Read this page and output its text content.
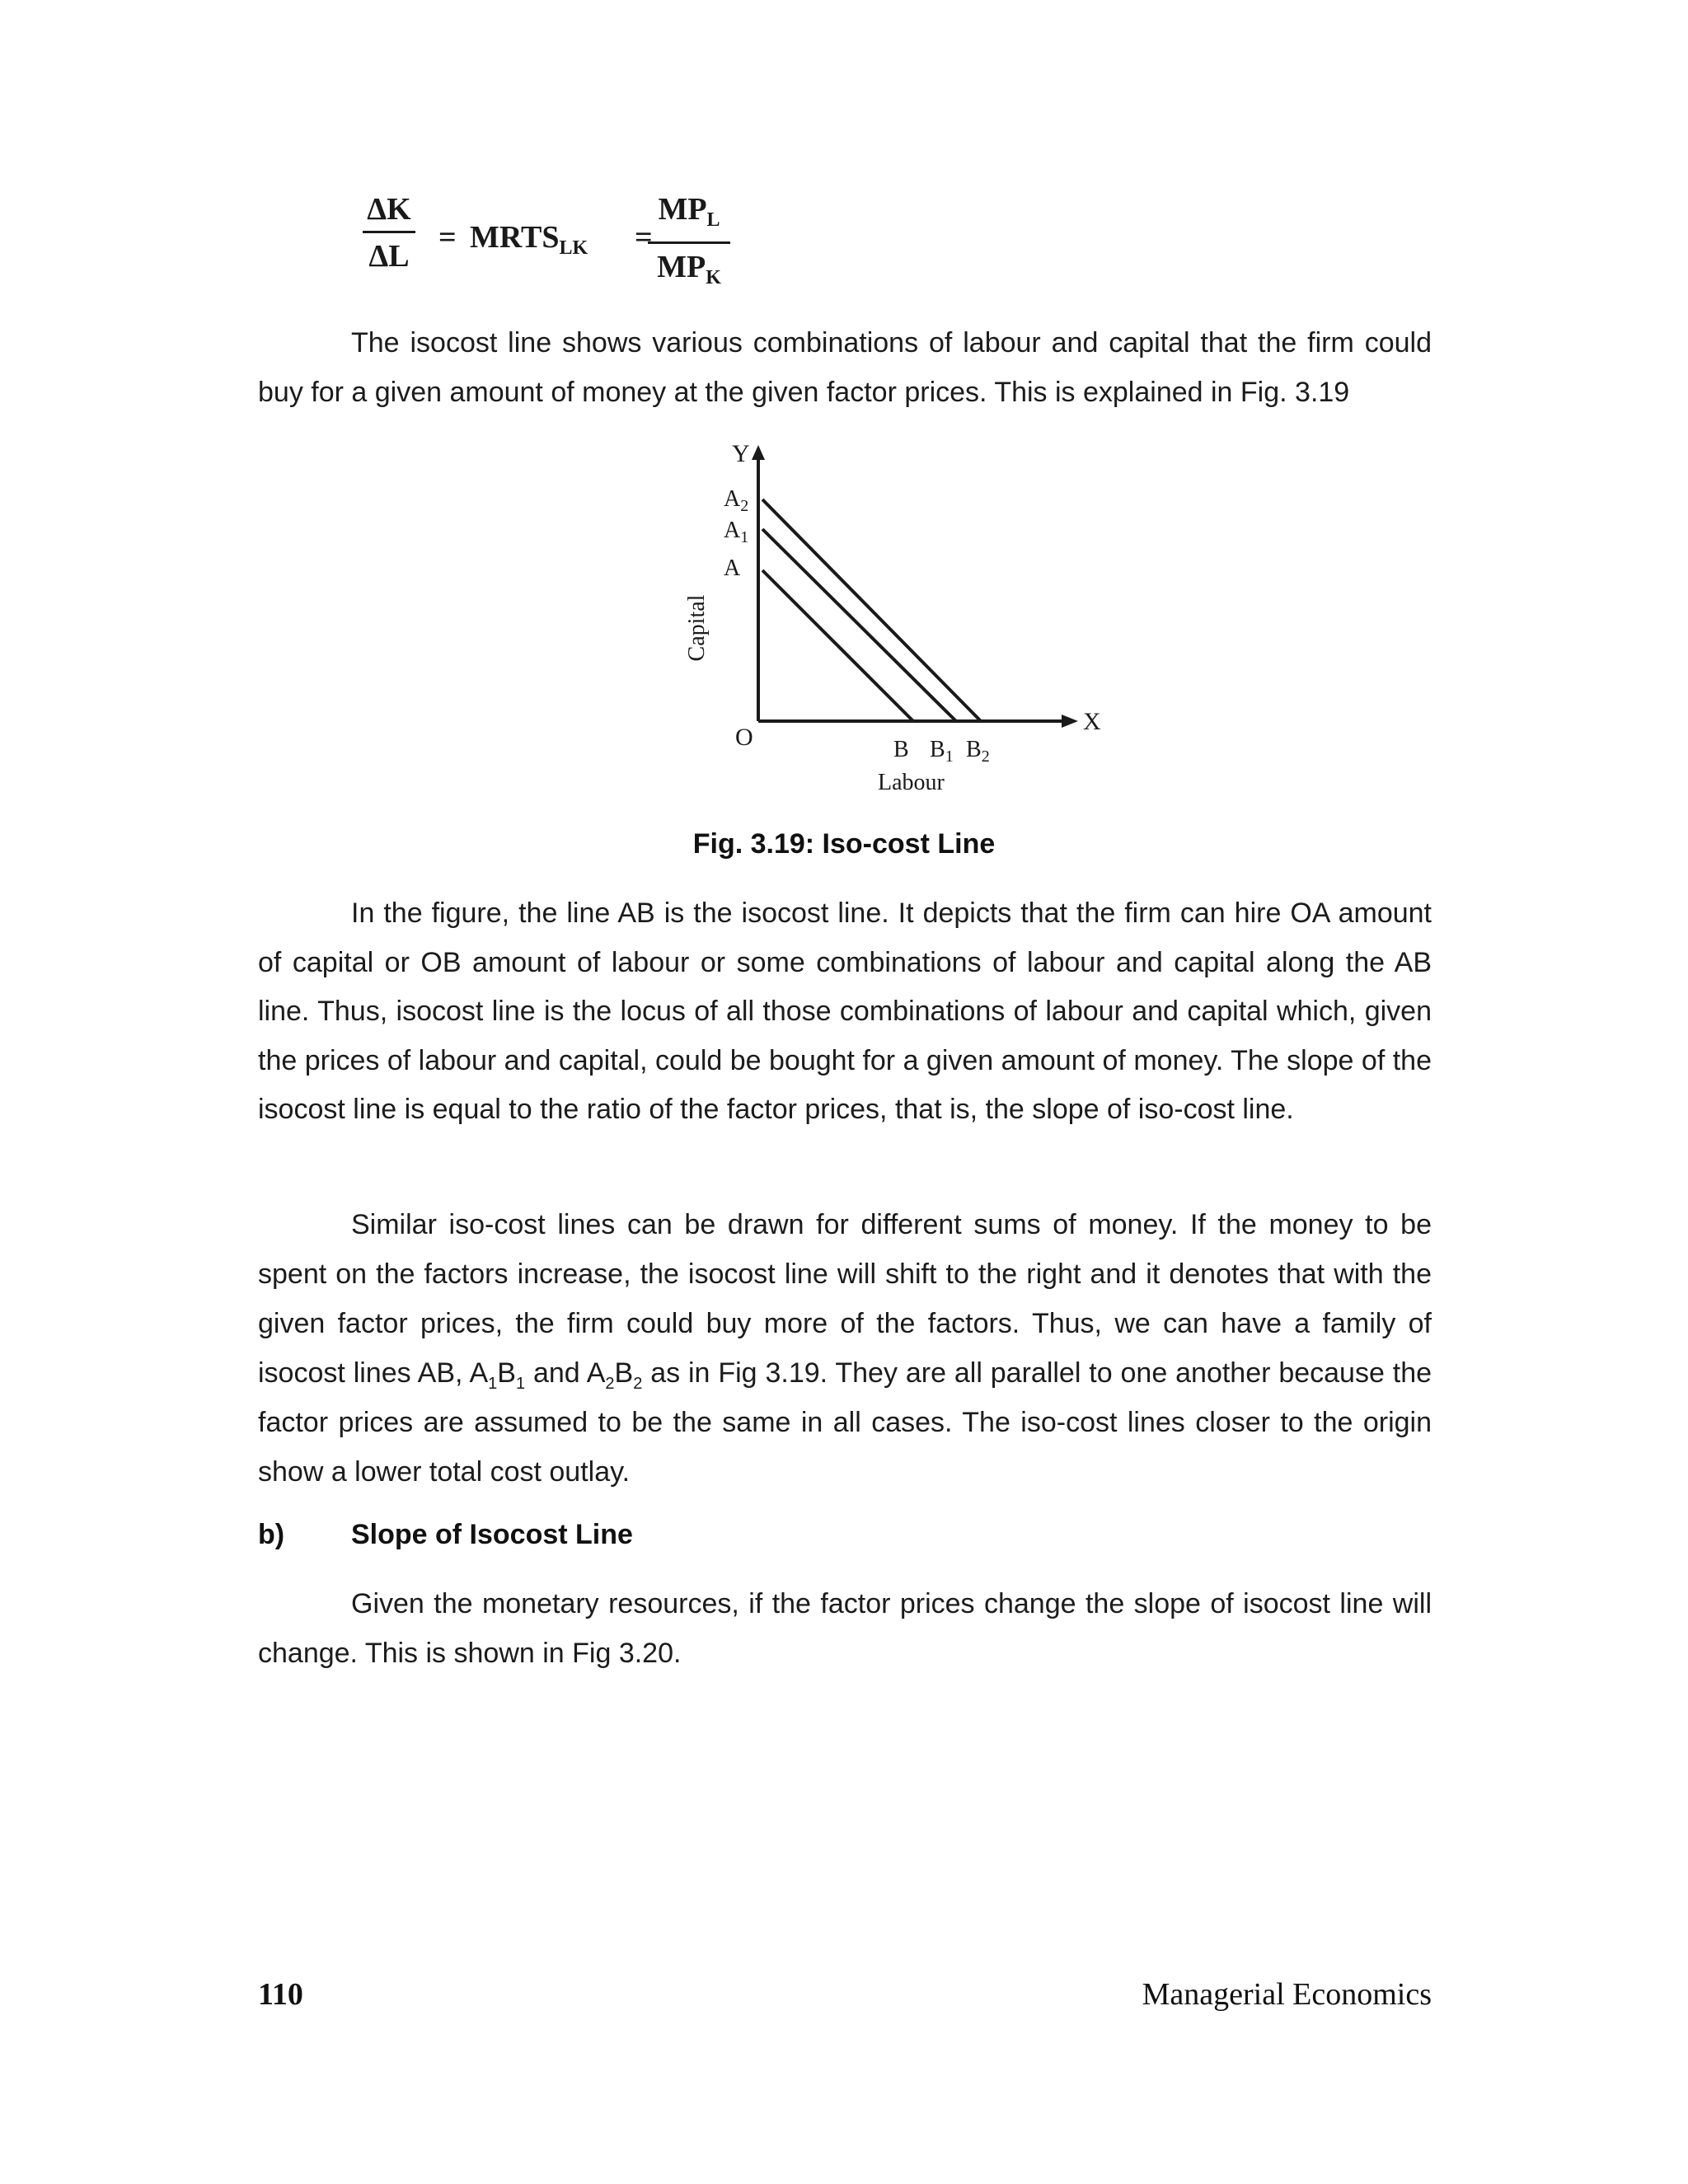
$\frac{\Delta K}{\Delta L}$ = $MRTS_{LK}$ =
$MP_L$
$MP_K$

The isocost line shows various combinations of labour and capital that the firm could buy for a given amount of money at the given factor prices. This is explained in Fig. 3.19

Y
X
O
$A_2$
$A_1$
A
B $B_1$ $B_2$
Labour
Capital
Fig. 3.19: Iso-cost Line

In the figure, the line AB is the isocost line. It depicts that the firm can hire OA amount of capital or OB amount of labour or some combinations of labour and capital along the AB line. Thus, isocost line is the locus of all those combinations of labour and capital which, given the prices of labour and capital, could be bought for a given amount of money. The slope of the isocost line is equal to the ratio of the factor prices, that is, the slope of iso-cost line.

Similar iso-cost lines can be drawn for different sums of money. If the money to be spent on the factors increase, the isocost line will shift to the right and it denotes that with the given factor prices, the firm could buy more of the factors. Thus, we can have a family of isocost lines AB, $A_1B_1$ and $A_2B_2$ as in Fig 3.19. They are all parallel to one another because the factor prices are assumed to be the same in all cases. The iso-cost lines closer to the origin show a lower total cost outlay.

b) Slope of Isocost Line

Given the monetary resources, if the factor prices change the slope of isocost line will change. This is shown in Fig 3.20.

110	Managerial Economics
